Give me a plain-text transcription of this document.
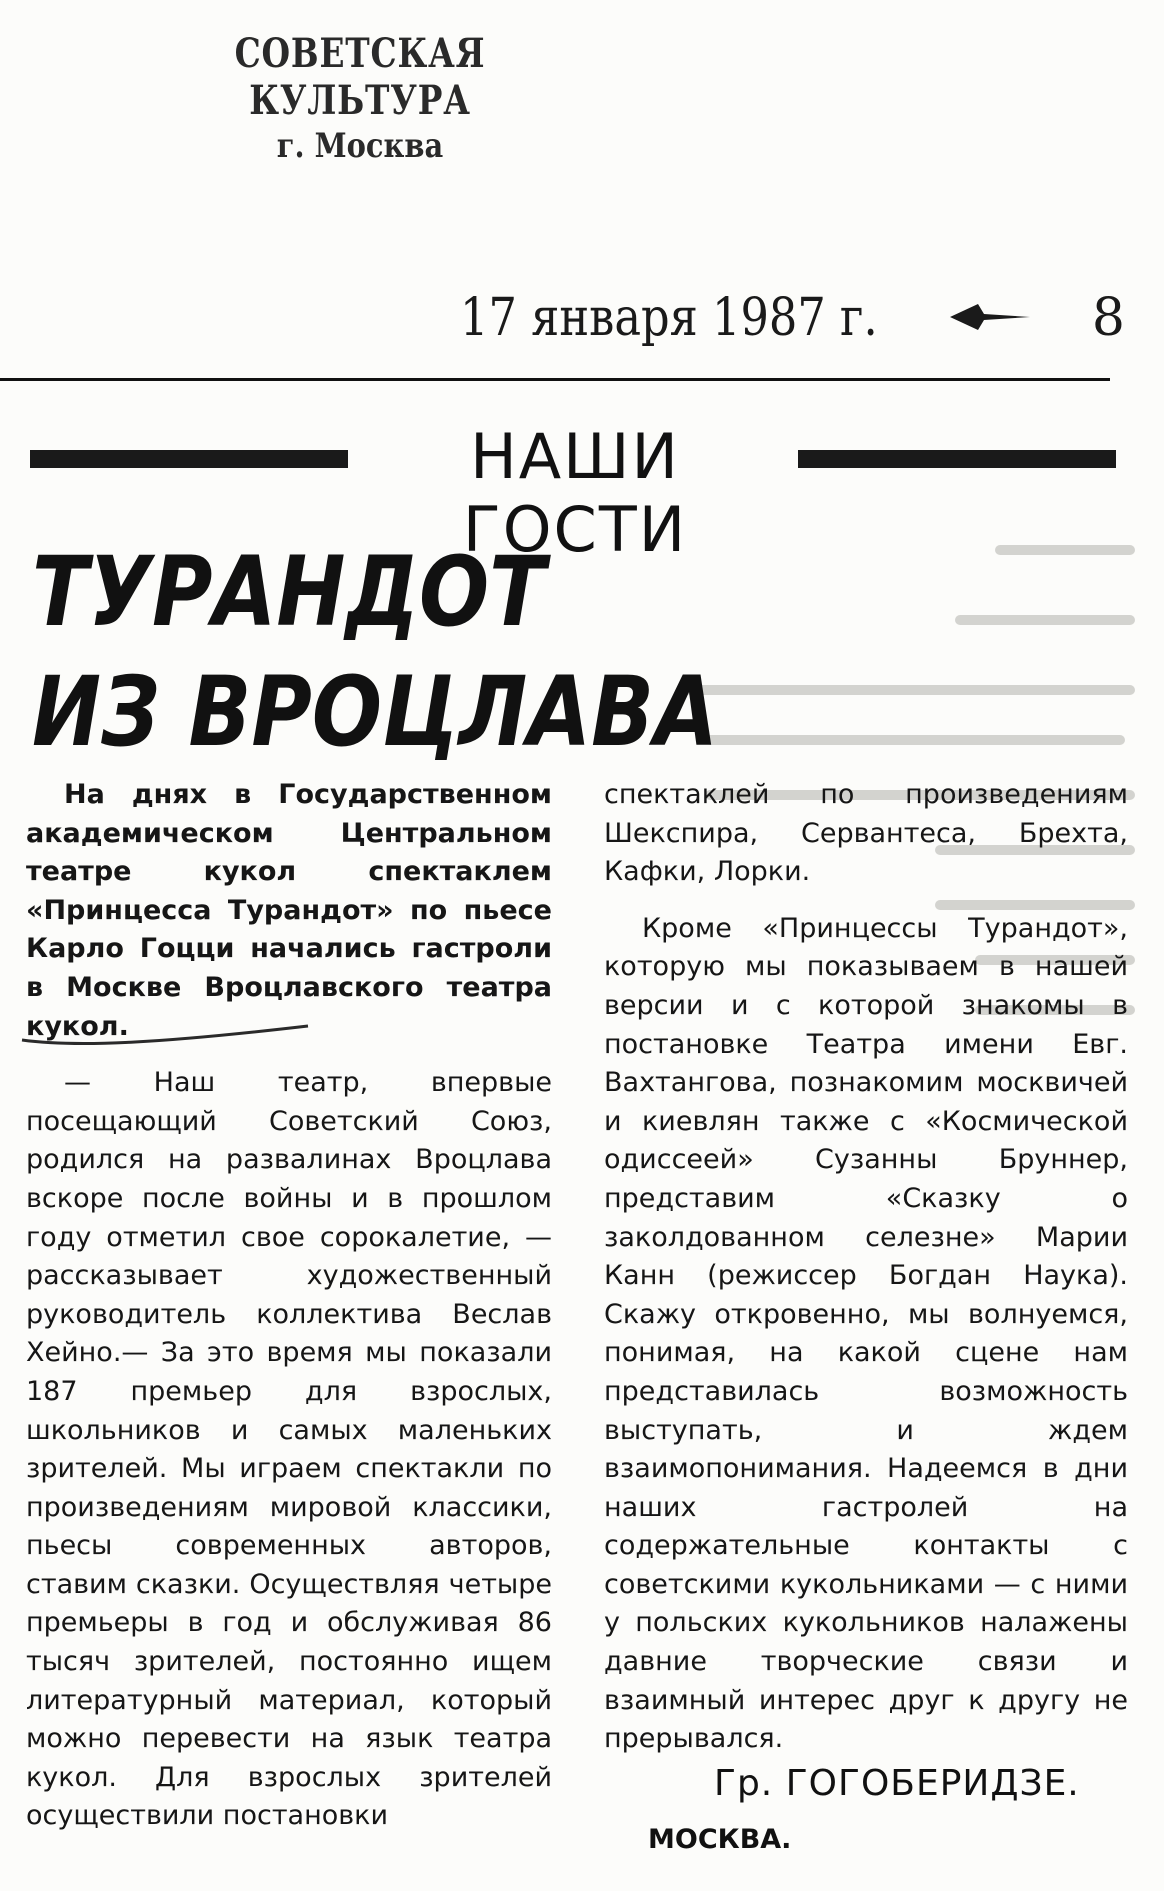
СОВЕТСКАЯ КУЛЬТУРА
г. Москва
17 января 1987 г.	8
НАШИ ГОСТИ
ТУРАНДОТ
ИЗ ВРОЦЛАВА

На днях в Государственном академическом Центральном театре кукол спектаклем «Принцесса Турандот» по пьесе Карло Гоцци начались гастроли в Москве Вроцлавского театра кукол.

— Наш театр, впервые посещающий Советский Союз, родился на развалинах Вроцлава вскоре после войны и в прошлом году отметил свое сорокалетие, — рассказывает художественный руководитель коллектива Веслав Хейно.— За это время мы показали 187 премьер для взрослых, школьников и самых маленьких зрителей. Мы играем спектакли по произведениям мировой классики, пьесы современных авторов, ставим сказки. Осуществляя четыре премьеры в год и обслуживая 86 тысяч зрителей, постоянно ищем литературный материал, который можно перевести на язык театра кукол. Для взрослых зрителей осуществили постановки

спектаклей по произведениям Шекспира, Сервантеса, Брехта, Кафки, Лорки.

Кроме «Принцессы Турандот», которую мы показываем в нашей версии и с которой знакомы в постановке Театра имени Евг. Вахтангова, познакомим москвичей и киевлян также с «Космической одиссеей» Сузанны Бруннер, представим «Сказку о заколдованном селезне» Марии Канн (режиссер Богдан Наука). Скажу откровенно, мы волнуемся, понимая, на какой сцене нам представилась возможность выступать, и ждем взаимопонимания. Надеемся в дни наших гастролей на содержательные контакты с советскими кукольниками — с ними у польских кукольников налажены давние творческие связи и взаимный интерес друг к другу не прерывался.

Гр. ГОГОБЕРИДЗЕ.
МОСКВА.
